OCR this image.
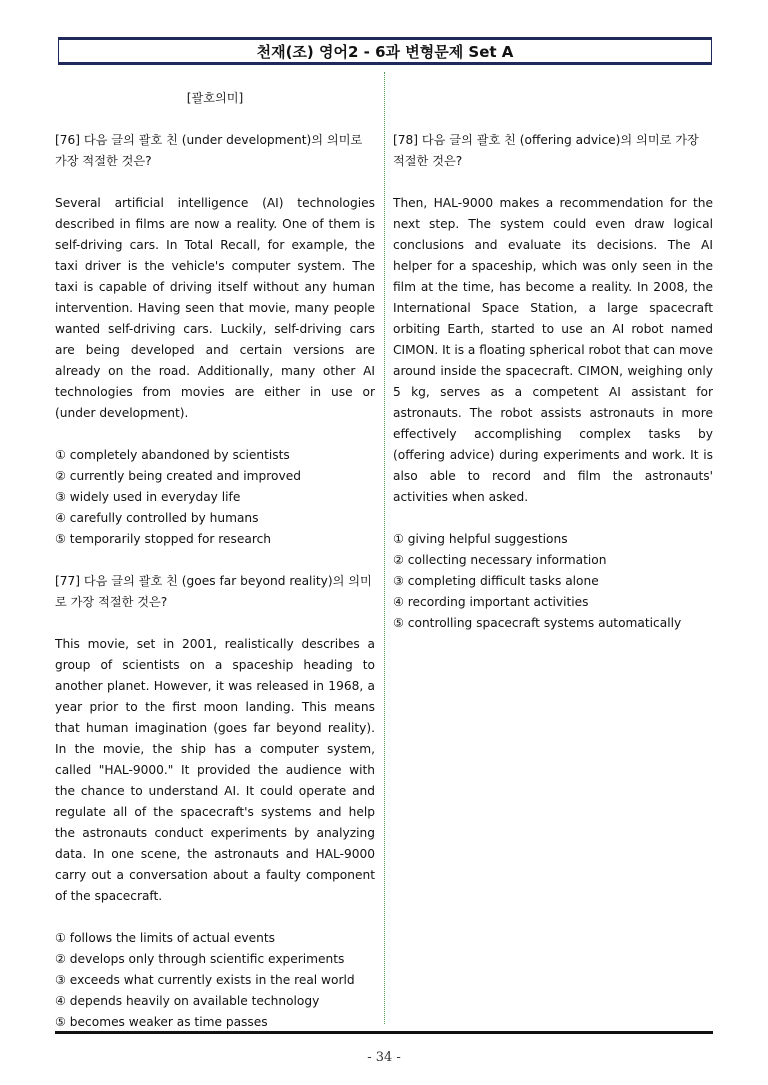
천재(조) 영어2 - 6과 변형문제 Set A
[괄호의미]

[76] 다음 글의 괄호 친 (under development)의 의미로 가장 적절한 것은?

Several artificial intelligence (AI) technologies described in films are now a reality. One of them is self-driving cars. In Total Recall, for example, the taxi driver is the vehicle's computer system. The taxi is capable of driving itself without any human intervention. Having seen that movie, many people wanted self-driving cars. Luckily, self-driving cars are being developed and certain versions are already on the road. Additionally, many other AI technologies from movies are either in use or (under development).

① completely abandoned by scientists
② currently being created and improved
③ widely used in everyday life
④ carefully controlled by humans
⑤ temporarily stopped for research

[77] 다음 글의 괄호 친 (goes far beyond reality)의 의미로 가장 적절한 것은?

This movie, set in 2001, realistically describes a group of scientists on a spaceship heading to another planet. However, it was released in 1968, a year prior to the first moon landing. This means that human imagination (goes far beyond reality). In the movie, the ship has a computer system, called "HAL-9000." It provided the audience with the chance to understand AI. It could operate and regulate all of the spacecraft's systems and help the astronauts conduct experiments by analyzing data. In one scene, the astronauts and HAL-9000 carry out a conversation about a faulty component of the spacecraft.

① follows the limits of actual events
② develops only through scientific experiments
③ exceeds what currently exists in the real world
④ depends heavily on available technology
⑤ becomes weaker as time passes

[78] 다음 글의 괄호 친 (offering advice)의 의미로 가장 적절한 것은?

Then, HAL-9000 makes a recommendation for the next step. The system could even draw logical conclusions and evaluate its decisions. The AI helper for a spaceship, which was only seen in the film at the time, has become a reality. In 2008, the International Space Station, a large spacecraft orbiting Earth, started to use an AI robot named CIMON. It is a floating spherical robot that can move around inside the spacecraft. CIMON, weighing only 5 kg, serves as a competent AI assistant for astronauts. The robot assists astronauts in more effectively accomplishing complex tasks by (offering advice) during experiments and work. It is also able to record and film the astronauts' activities when asked.

① giving helpful suggestions
② collecting necessary information
③ completing difficult tasks alone
④ recording important activities
⑤ controlling spacecraft systems automatically
- 34 -
